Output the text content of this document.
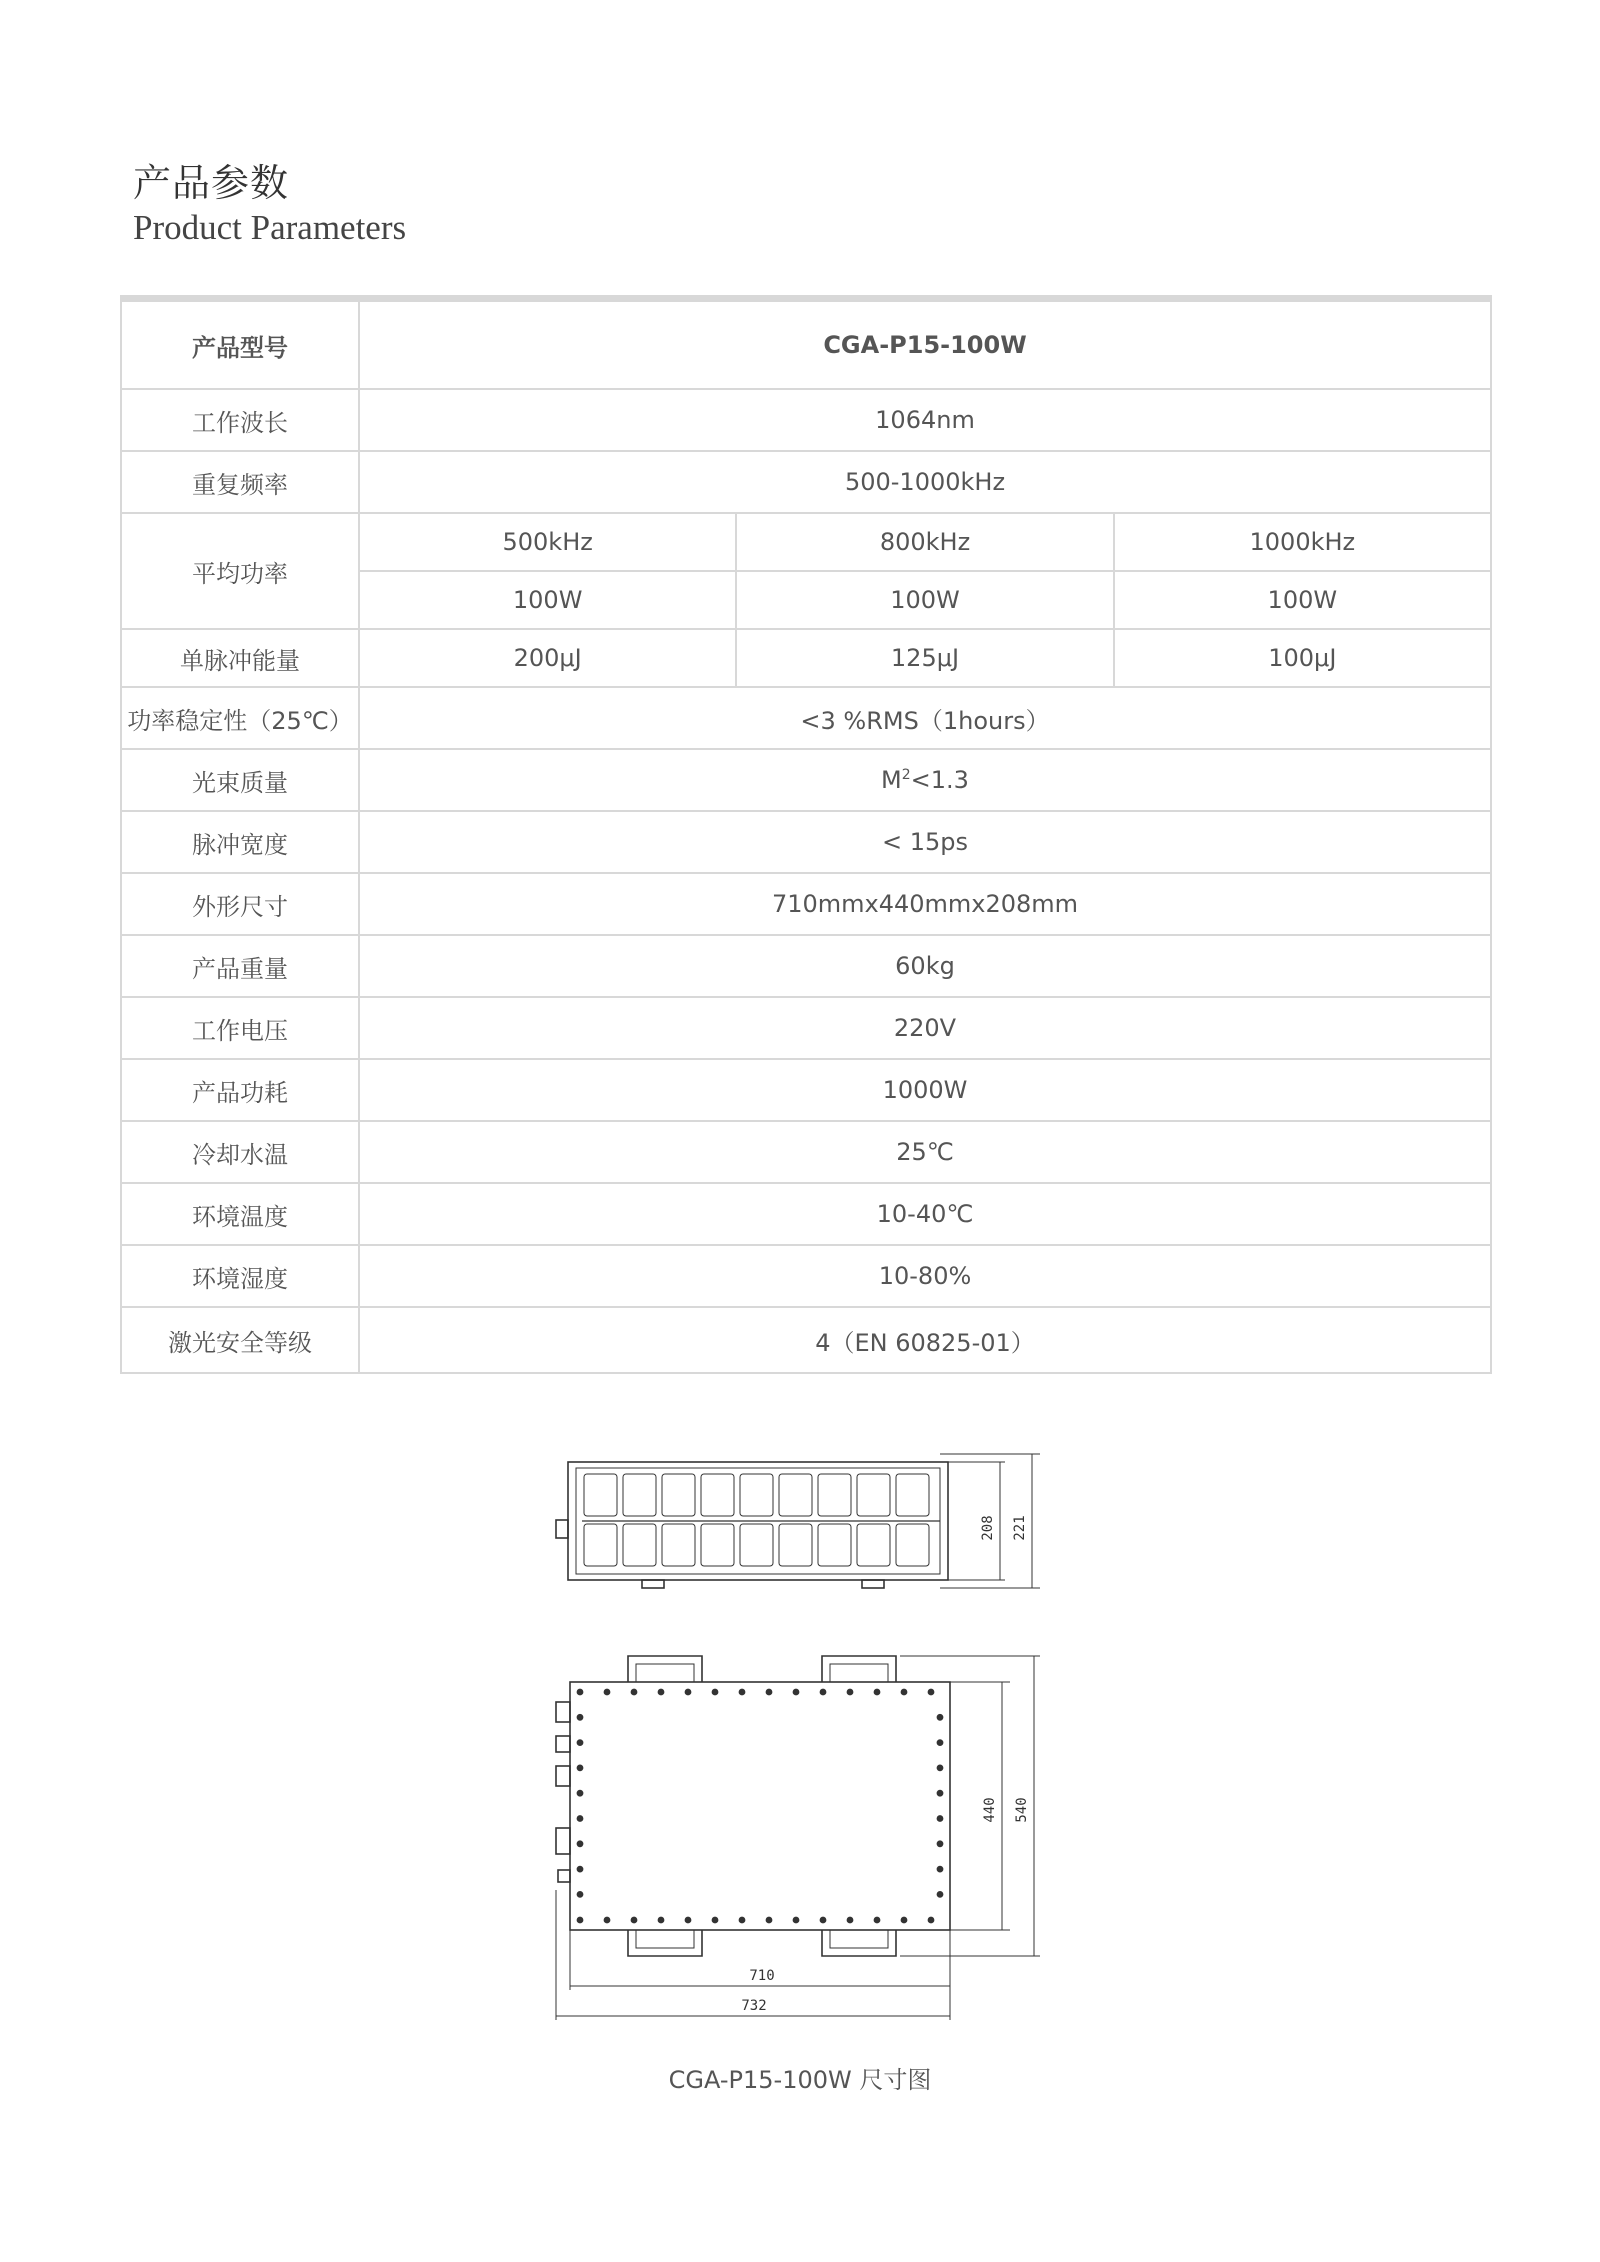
产品参数
Product Parameters
产品型号	CGA-P15-100W		
工作波长	1064nm		
重复频率	500-1000kHz		
平均功率	500kHz	800kHz	1000kHz
	100W	100W	100W
单脉冲能量	200μJ	125μJ	100μJ
功率稳定性（25℃）	<3 %RMS（1hours）		
光束质量	$M^2<1.3$		
脉冲宽度	< 15ps		
外形尺寸	710mmx440mmx208mm		
产品重量	60kg		
工作电压	220V		
产品功耗	1000W		
冷却水温	25℃		
环境温度	10-40℃		
环境湿度	10-80%		
激光安全等级	4（EN 60825-01）		
208 221
440 540
710
732
CGA-P15-100W 尺寸图
